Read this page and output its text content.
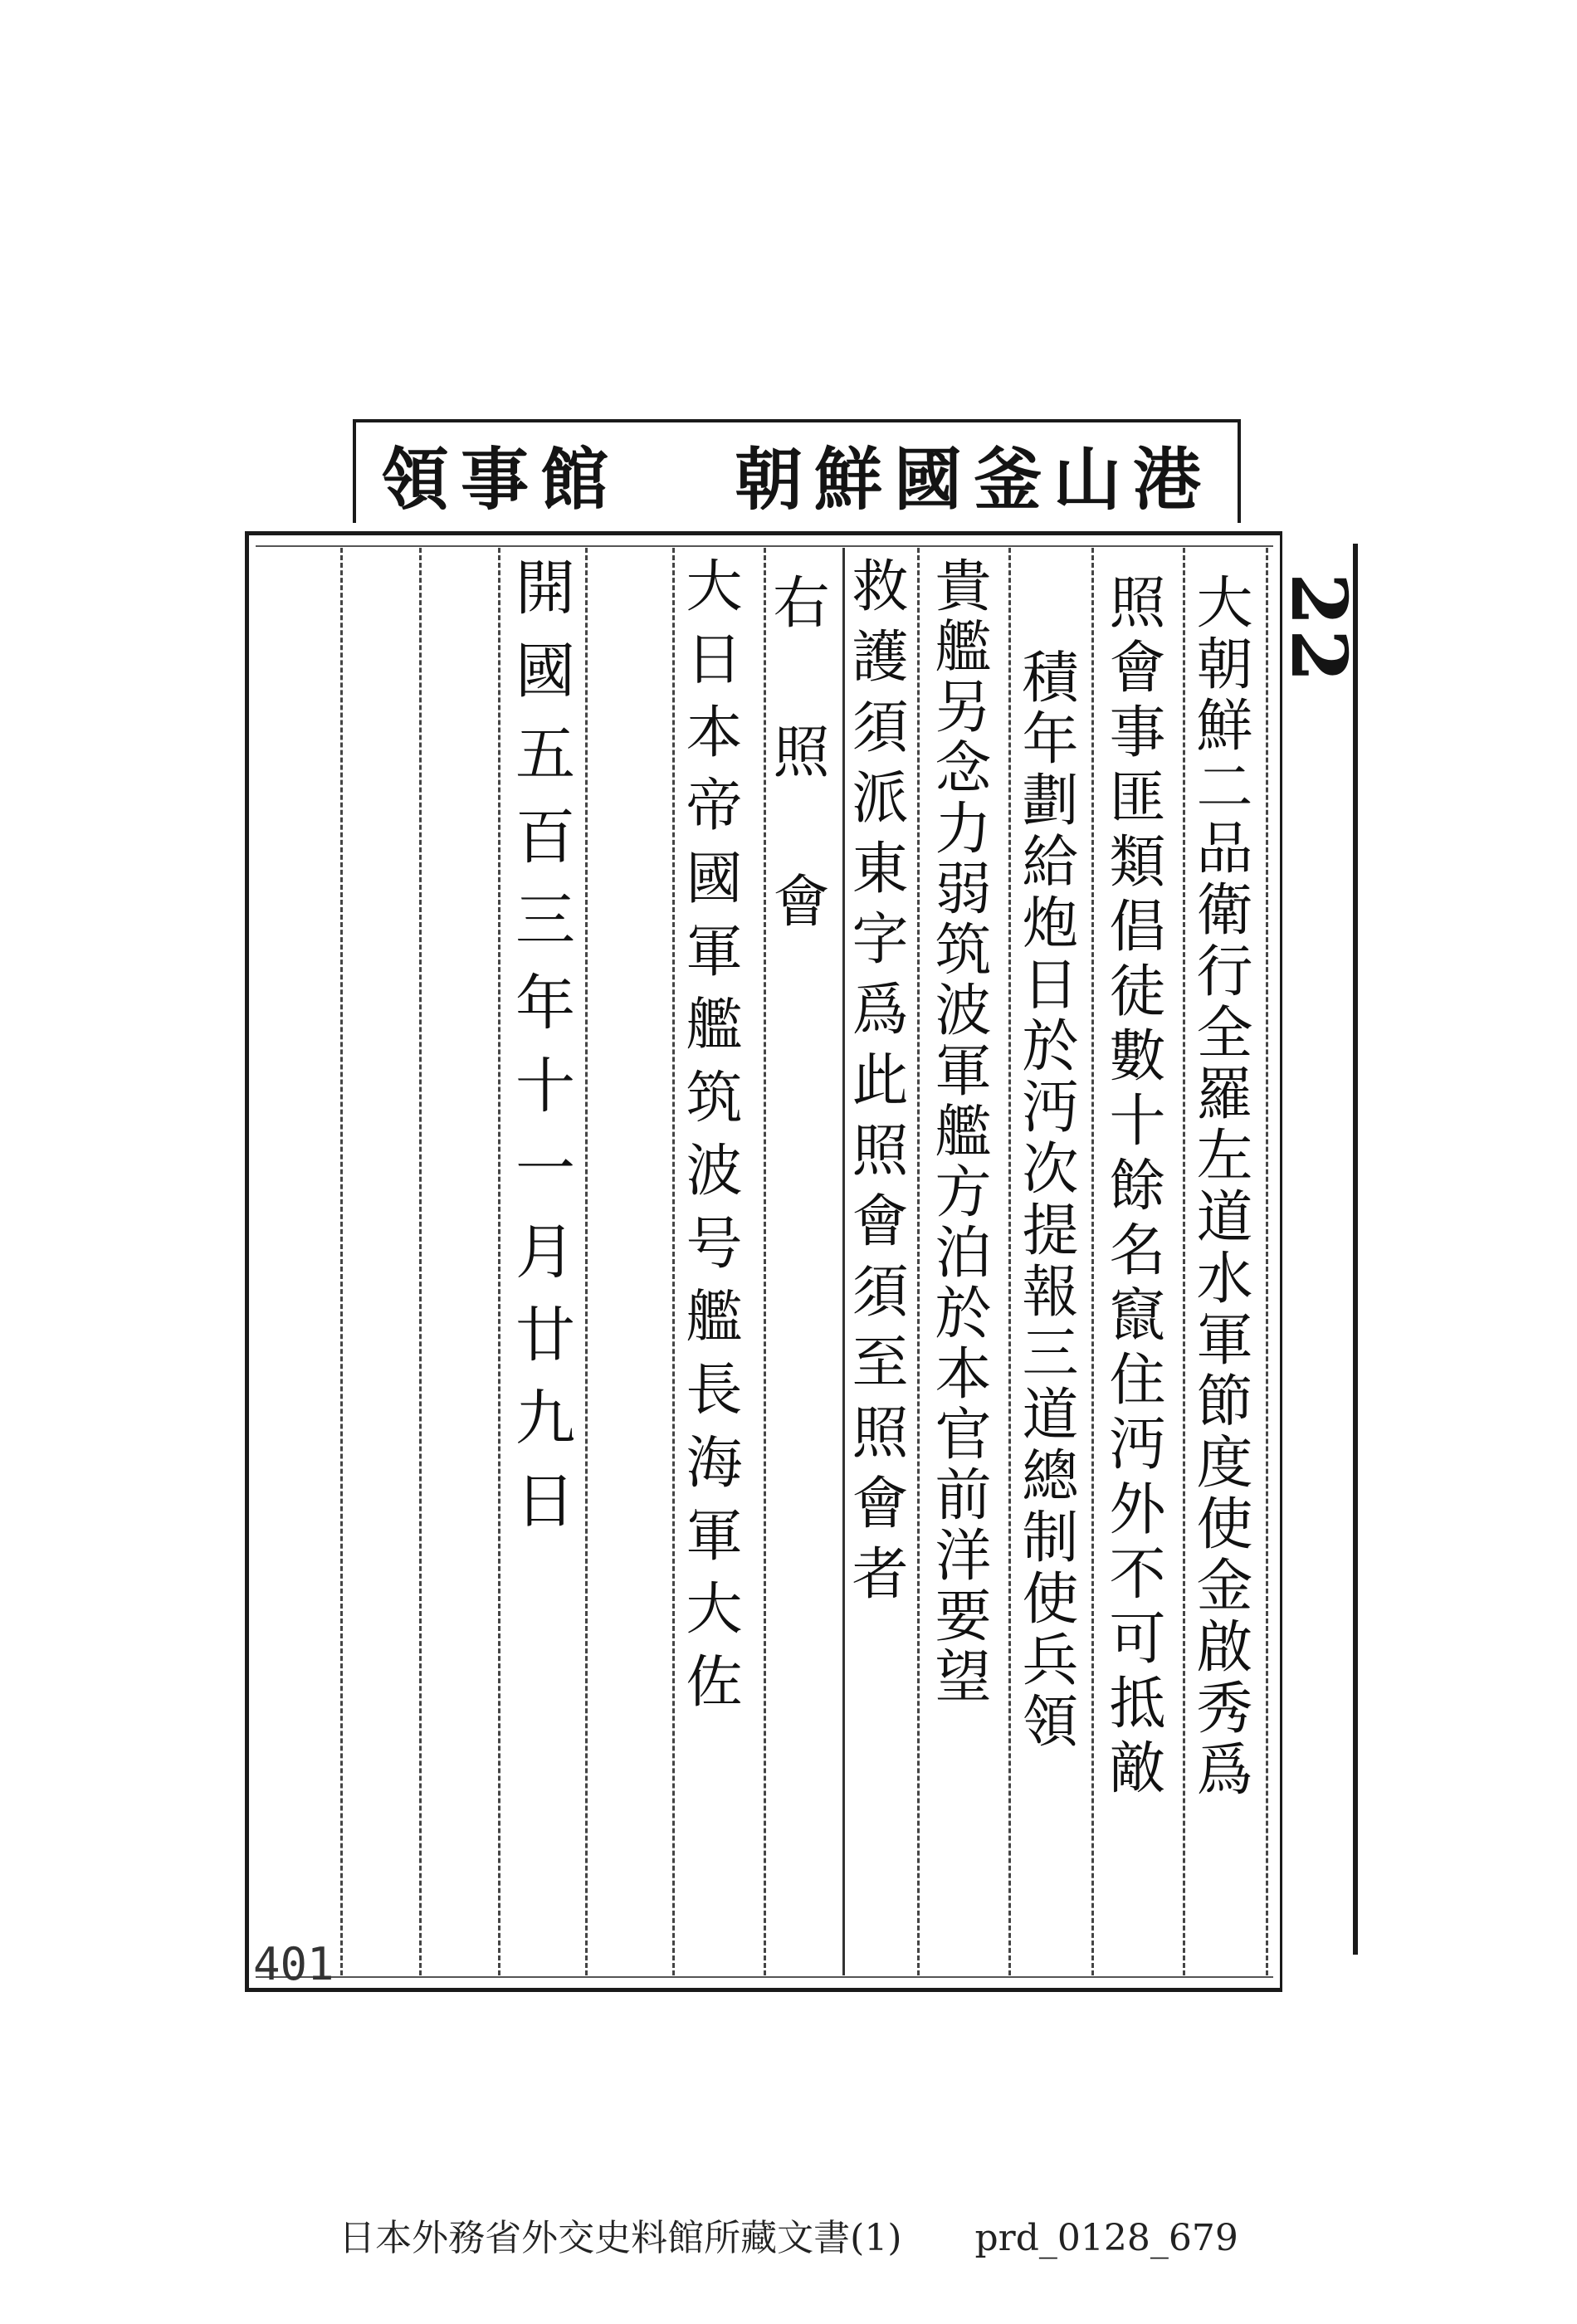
領事館 朝鮮國釜山港
22
大朝鮮二品衛行全羅左道水軍節度使金啟秀爲
照會事匪類倡徒數十餘名竄住沔外不可抵敵
積年劃給炮日於沔次提報三道總制使兵領
貴艦另念力弱筑波軍艦方泊於本官前洋要望
救護須派東字爲此照會須至照會者
右　照　會
大日本帝國軍艦筑波号艦長海軍大佐
開國五百三年十一月廿九日
401
日本外務省外交史料館所藏文書(1)　　prd_0128_679
